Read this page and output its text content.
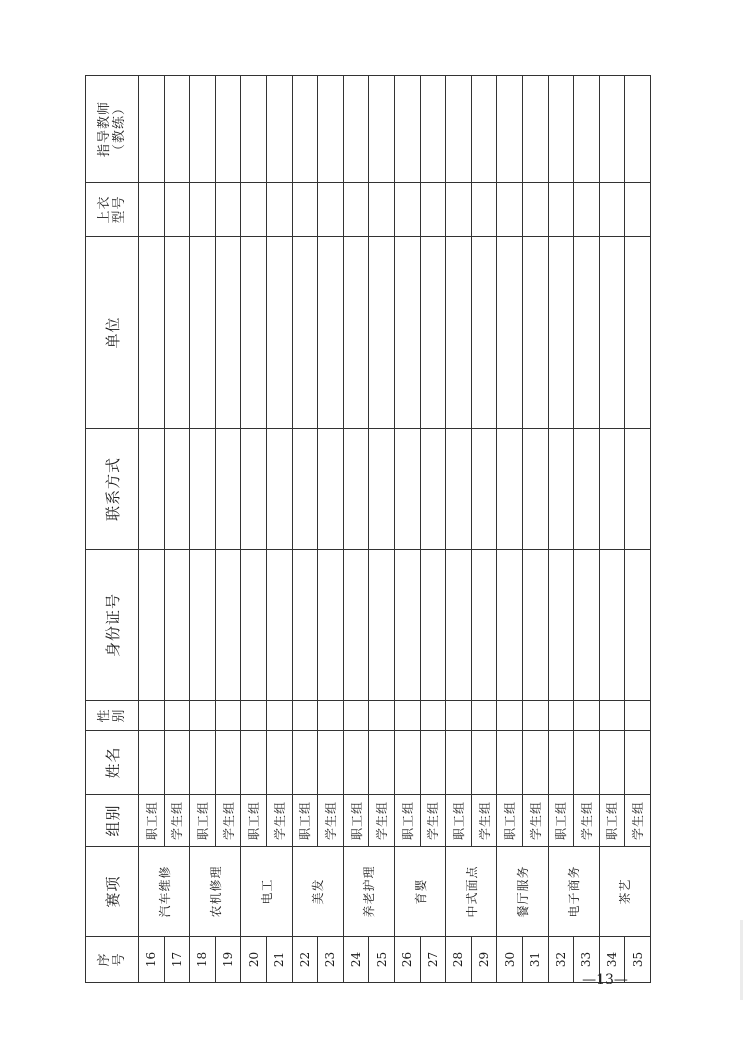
序 号	赛项	组别	姓名	性 别	身份证号	联系方式	单位	上衣 型号	指导教师 （教练）

16	汽车维修	职工组							
17		学生组							
18	农机修理	职工组							
19		学生组							
20	电工	职工组							
21		学生组							
22	美发	职工组							
23		学生组							
24	养老护理	职工组							
25		学生组							
26	育婴	职工组							
27		学生组							
28	中式面点	职工组							
29		学生组							
30	餐厅服务	职工组							
31		学生组							
32	电子商务	职工组							
33		学生组							
34	茶艺	职工组							
35		学生组							
—13—
